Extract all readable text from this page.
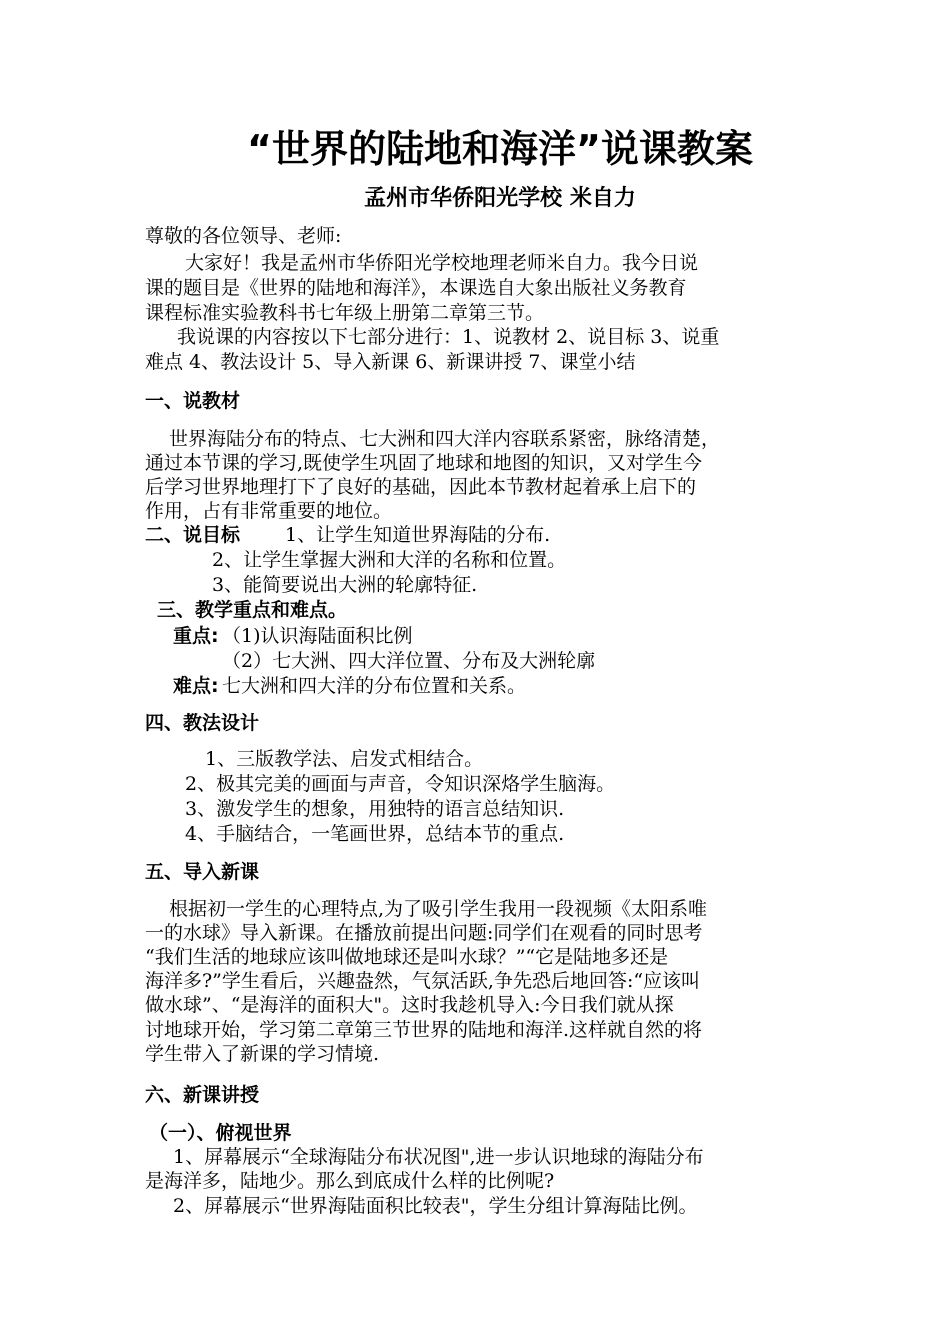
“世界的陆地和海洋”说课教案
孟州市华侨阳光学校 米自力
尊敬的各位领导、老师:
大家好！我是孟州市华侨阳光学校地理老师米自力。我今日说
课的题目是《世界的陆地和海洋》，本课选自大象出版社义务教育
课程标准实验教科书七年级上册第二章第三节。
我说课的内容按以下七部分进行：1、说教材 2、说目标 3、说重
难点 4、教法设计 5、导入新课 6、新课讲授 7、课堂小结
一、说教材
世界海陆分布的特点、七大洲和四大洋内容联系紧密，脉络清楚，
通过本节课的学习,既使学生巩固了地球和地图的知识，又对学生今
后学习世界地理打下了良好的基础，因此本节教材起着承上启下的
作用，占有非常重要的地位。
二、说目标 1、让学生知道世界海陆的分布.
2、让学生掌握大洲和大洋的名称和位置。
3、能简要说出大洲的轮廓特征.
三、教学重点和难点。
重点: （1)认识海陆面积比例
（2）七大洲、四大洋位置、分布及大洲轮廓
难点: 七大洲和四大洋的分布位置和关系。
四、教法设计
1、三版教学法、启发式相结合。
2、极其完美的画面与声音，令知识深烙学生脑海。
3、激发学生的想象，用独特的语言总结知识.
4、手脑结合，一笔画世界，总结本节的重点.
五、导入新课
根据初一学生的心理特点,为了吸引学生我用一段视频《太阳系唯
一的水球》导入新课。在播放前提出问题:同学们在观看的同时思考
“我们生活的地球应该叫做地球还是叫水球？”“它是陆地多还是
海洋多?”学生看后，兴趣盎然，气氛活跃,争先恐后地回答:“应该叫
做水球”、“是海洋的面积大"。这时我趁机导入:今日我们就从探
讨地球开始，学习第二章第三节世界的陆地和海洋.这样就自然的将
学生带入了新课的学习情境.
六、新课讲授
（一）、俯视世界
1、屏幕展示“全球海陆分布状况图",进一步认识地球的海陆分布
是海洋多，陆地少。那么到底成什么样的比例呢?
2、屏幕展示“世界海陆面积比较表"，学生分组计算海陆比例。
